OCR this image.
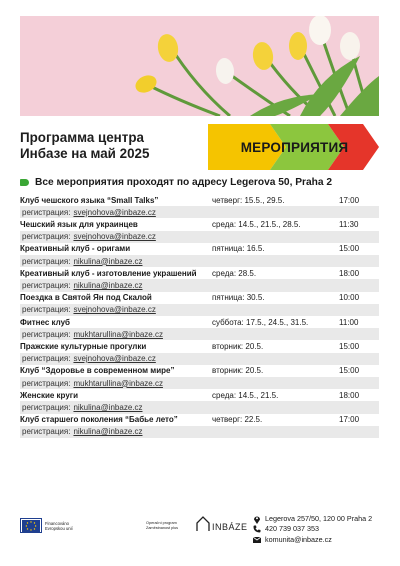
Программа центра
Инбазе на май 2025	МЕРОПРИЯТИЯ
Все мероприятия проходят по адресу Legerova 50, Praha 2
Клуб чешского языка “Small Talks”	четверг: 15.5., 29.5.	17:00
регистрация: svejnohova@inbaze.cz
Чешский язык для украинцев	среда: 14.5., 21.5., 28.5.	11:30
регистрация: svejnohova@inbaze.cz
Креативный клуб - оригами	пятница: 16.5.	15:00
регистрация: nikulina@inbaze.cz
Креативный клуб - изготовление украшений	среда: 28.5.	18:00
регистрация: nikulina@inbaze.cz
Поездка в Святой Ян под Скалой	пятница: 30.5.	10:00
регистрация: svejnohova@inbaze.cz
Фитнес клуб	суббота: 17.5., 24.5., 31.5.	11:00
регистрация: mukhtarullina@inbaze.cz
Пражские культурные прогулки	вторник: 20.5.	15:00
регистрация: svejnohova@inbaze.cz
Клуб “Здоровье в современном мире”	вторник: 20.5.	15:00
регистрация: mukhtarullina@inbaze.cz
Женские круги	среда: 14.5., 21.5.	18:00
регистрация: nikulina@inbaze.cz
Клуб старшего поколения “Бабье лето”	четверг: 22.5.	17:00
регистрация: nikulina@inbaze.cz
Financováno
Evropskou unií
Operační program
Zaměstnanost plus	INBÁZE
Legerova 257/50, 120 00 Praha 2
420 739 037 353
komunita@inbaze.cz
